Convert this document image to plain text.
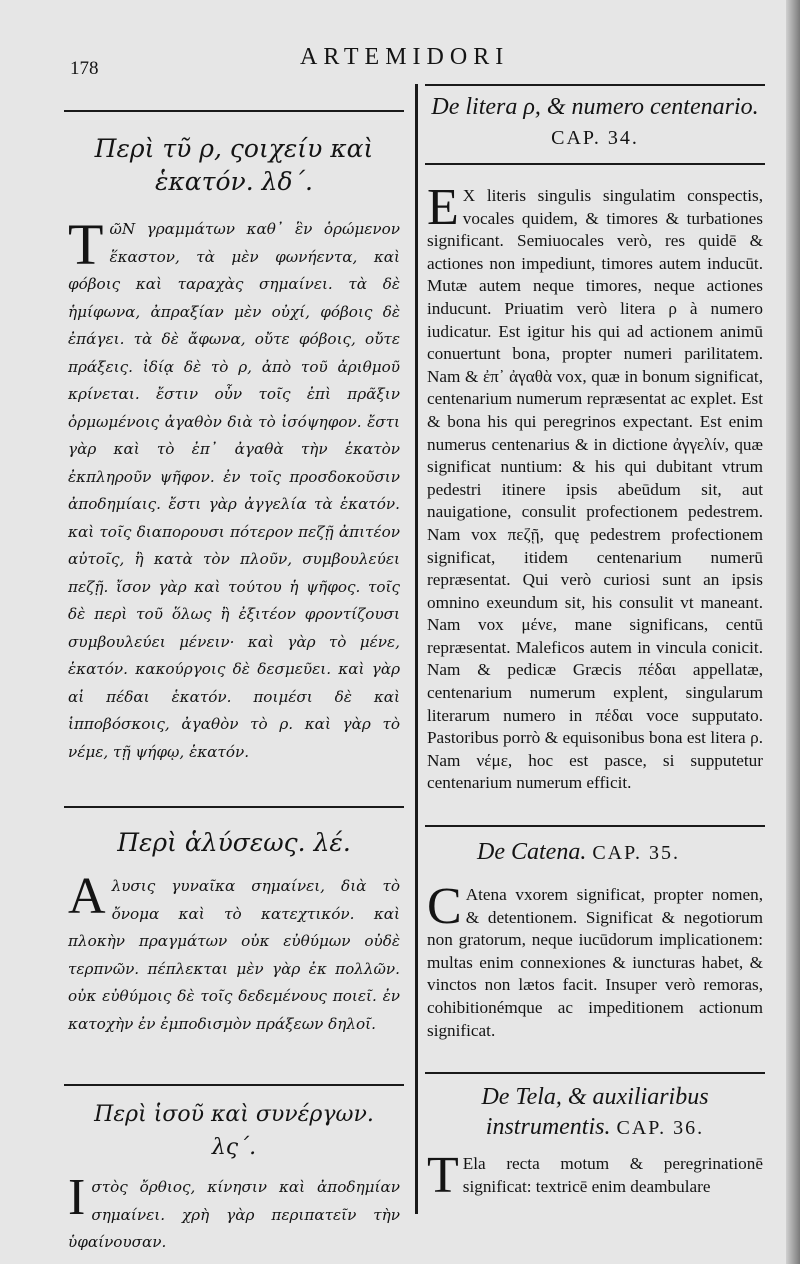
178	ARTEMIDORI
Περὶ τῦ ρ, ςοιχείυ καὶ ἑκατόν. λδ΄.
ΤῶΝ γραμμάτων καθ᾽ ἓν ὁρώμενον ἕκαστον, τὰ μὲν φωνήεντα, καὶ φόβοις καὶ ταραχὰς σημαίνει. τὰ δὲ ἡμίφωνα, ἀπραξίαν μὲν οὐχί, φόβοις δὲ ἐπάγει. τὰ δὲ ἄφωνα, οὔτε φόβοις, οὔτε πράξεις. ἰδίᾳ δὲ τὸ ρ, ἀπὸ τοῦ ἀριθμοῦ κρίνεται. ἔστιν οὖν τοῖς ἐπὶ πρᾶξιν ὁρμωμένοις ἀγαθὸν διὰ τὸ ἰσόψηφον. ἔστι γὰρ καὶ τὸ ἐπ᾽ ἀγαθὰ τὴν ἑκατὸν ἐκπληροῦν ψῆφον. ἐν τοῖς προσδοκοῦσιν ἀποδημίαις. ἔστι γὰρ ἀγγελία τὰ ἑκατόν. καὶ τοῖς διαπορουσι πότερον πεζῇ ἀπιτέον αὐτοῖς, ἢ κατὰ τὸν πλοῦν, συμβουλεύει πεζῇ. ἴσον γὰρ καὶ τούτου ἡ ψῆφος. τοῖς δὲ περὶ τοῦ ὅλως ἢ ἐξιτέον φροντίζουσι συμβουλεύει μένειν· καὶ γὰρ τὸ μένε, ἑκατόν. κακούργοις δὲ δεσμεῦει. καὶ γὰρ αἱ πέδαι ἑκατόν. ποιμέσι δὲ καὶ ἱπποβόσκοις, ἀγαθὸν τὸ ρ. καὶ γὰρ τὸ νέμε, τῇ ψήφῳ, ἑκατόν.
Περὶ ἁλύσεως. λέ.
Αλυσις γυναῖκα σημαίνει, διὰ τὸ ὄνομα καὶ τὸ κατεχτικόν. καὶ πλοκὴν πραγμάτων οὐκ εὐθύμων οὐδὲ τερπνῶν. πέπλεκται μὲν γὰρ ἐκ πολλῶν. οὐκ εὐθύμοις δὲ τοῖς δεδεμένους ποιεῖ. ἐν κατοχὴν ἐν ἐμποδισμὸν πράξεων δηλοῖ.
Περὶ ἱσοῦ καὶ συνέργων. λς΄.
Ιστὸς ὄρθιος, κίνησιν καὶ ἀποδημίαν σημαίνει. χρὴ γὰρ περιπατεῖν τὴν ὑφαίνουσαν.
De litera ρ, & numero centenario. CAP. 34.
E X literis singulis singulatim conspectis, vocales quidem, & timores & turbationes significant. Semiuocales verò, res quidē & actiones non impediunt, timores autem inducūt. Mutæ autem neque timores, neque actiones inducunt. Priuatim verò litera ρ à numero iudicatur. Est igitur his qui ad actionem animū conuertunt bona, propter numeri parilitatem. Nam & ἐπ᾽ ἀγαθὰ vox, quæ in bonum significat, centenarium numerum repræsentat ac explet. Est & bona his qui peregrinos expectant. Est enim numerus centenarius & in dictione ἀγγελίν, quæ significat nuntium: & his qui dubitant vtrum pedestri itinere ipsis abeūdum sit, aut nauigatione, consulit profectionem pedestrem. Nam vox πεζῇ, quę pedestrem profectionem significat, itidem centenarium numerū repræsentat. Qui verò curiosi sunt an ipsis omnino exeundum sit, his consulit vt maneant. Nam vox μένε, mane significans, centū repræsentat. Maleficos autem in vincula conicit. Nam & pedicæ Græcis πέδαι appellatæ, centenarium numerum explent, singularum literarum numero in πέδαι voce supputato. Pastoribus porrò & equisonibus bona est litera ρ. Nam νέμε, hoc est pasce, si supputetur centenarium numerum efficit.
De Catena. CAP. 35.
C Atena vxorem significat, propter nomen, & detentionem. Significat & negotiorum non gratorum, neque iucūdorum implicationem: multas enim connexiones & iuncturas habet, & vinctos non lætos facit. Insuper verò remoras, cohibitionémque ac impeditionem actionum significat.
De Tela, & auxiliaribus instrumentis. CAP. 36.
T Ela recta motum & peregrinationē significat: textricē enim deambulare
